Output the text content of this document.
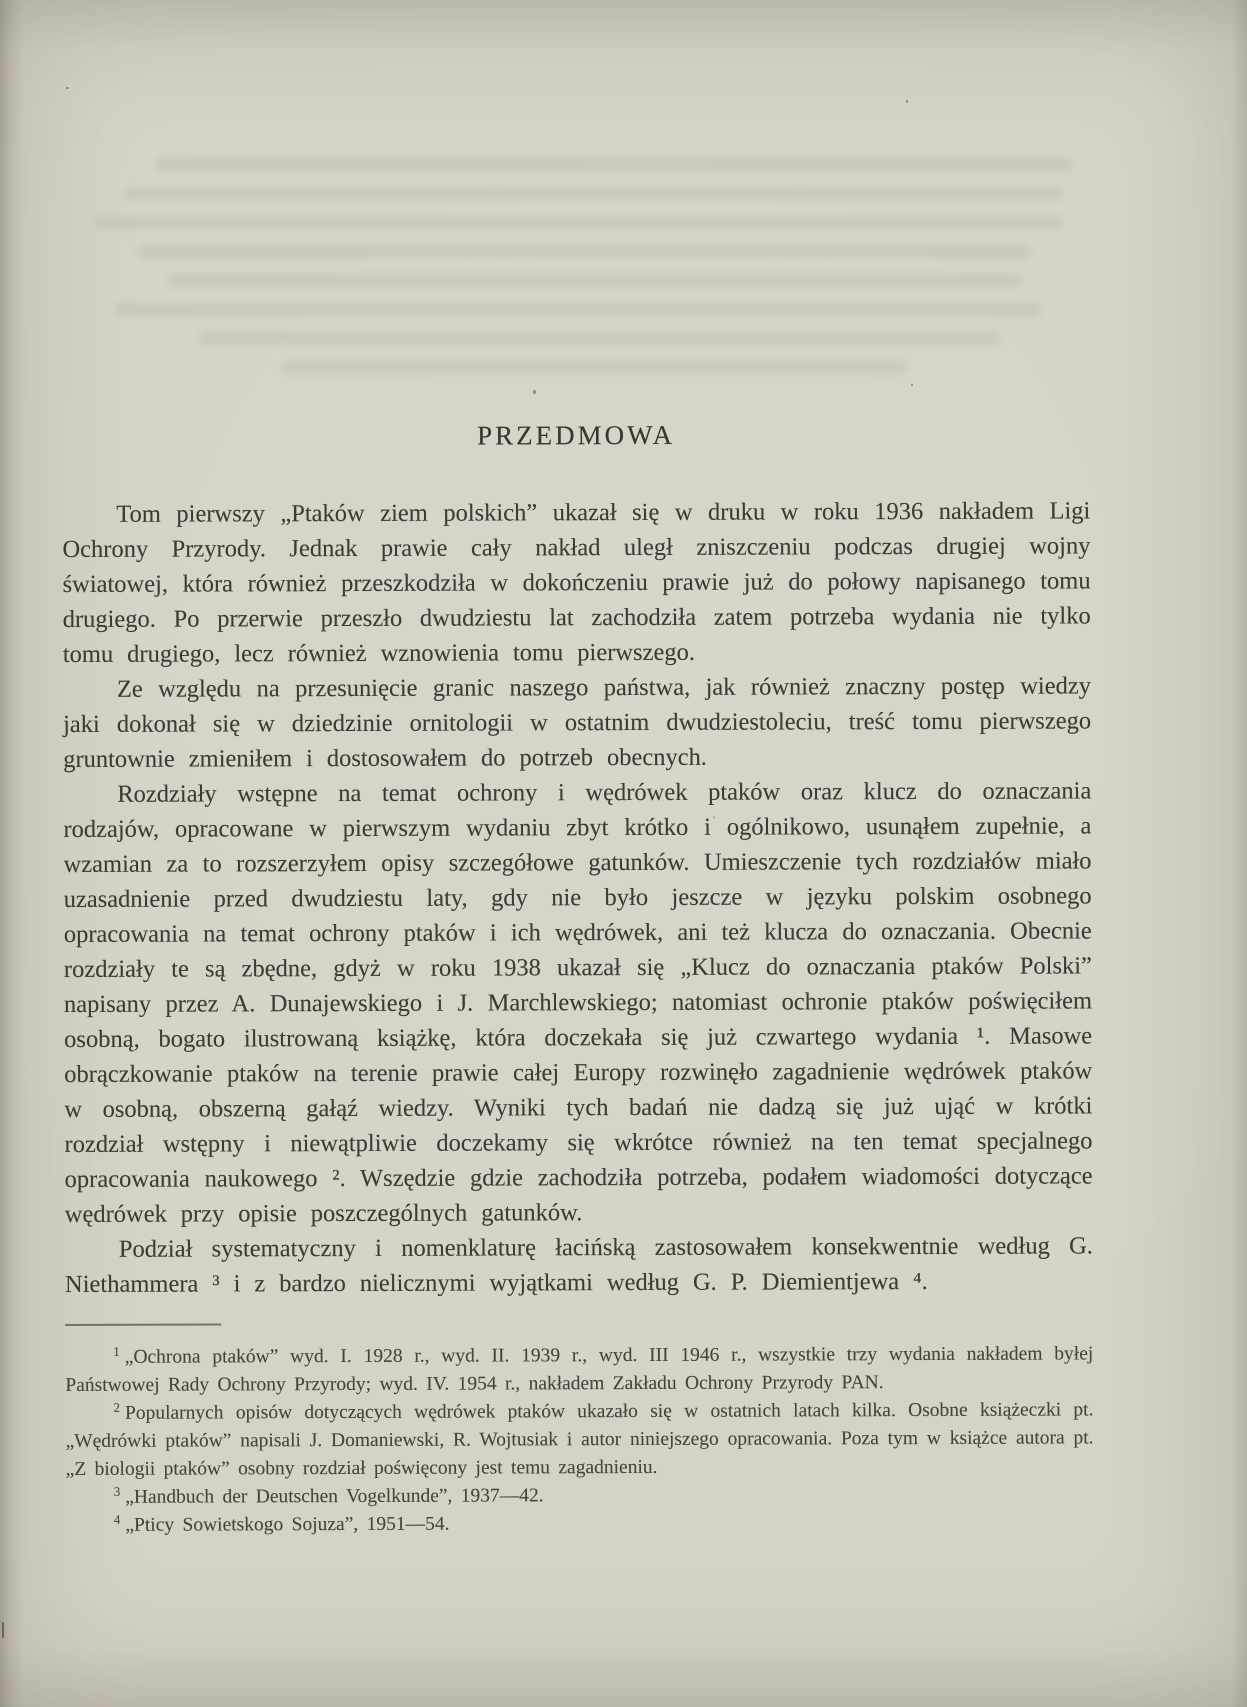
PRZEDMOWA

Tom pierwszy „Ptaków ziem polskich” ukazał się w druku w roku 1936 nakładem Ligi Ochrony Przyrody. Jednak prawie cały nakład uległ zniszczeniu podczas drugiej wojny światowej, która również przeszkodziła w dokończeniu prawie już do połowy napisanego tomu drugiego. Po przerwie przeszło dwudziestu lat zachodziła zatem potrzeba wydania nie tylko tomu drugiego, lecz również wznowienia tomu pierwszego.

Ze względu na przesunięcie granic naszego państwa, jak również znaczny postęp wiedzy jaki dokonał się w dziedzinie ornitologii w ostatnim dwudziestoleciu, treść tomu pierwszego gruntownie zmieniłem i dostosowałem do potrzeb obecnych.

Rozdziały wstępne na temat ochrony i wędrówek ptaków oraz klucz do oznaczania rodzajów, opracowane w pierwszym wydaniu zbyt krótko i ogólnikowo, usunąłem zupełnie, a wzamian za to rozszerzyłem opisy szczegółowe gatunków. Umieszczenie tych rozdziałów miało uzasadnienie przed dwudziestu laty, gdy nie było jeszcze w języku polskim osobnego opracowania na temat ochrony ptaków i ich wędrówek, ani też klucza do oznaczania. Obecnie rozdziały te są zbędne, gdyż w roku 1938 ukazał się „Klucz do oznaczania ptaków Polski” napisany przez A. Dunajewskiego i J. Marchlewskiego; natomiast ochronie ptaków poświęciłem osobną, bogato ilustrowaną książkę, która doczekała się już czwartego wydania ¹. Masowe obrączkowanie ptaków na terenie prawie całej Europy rozwinęło zagadnienie wędrówek ptaków w osobną, obszerną gałąź wiedzy. Wyniki tych badań nie dadzą się już ująć w krótki rozdział wstępny i niewątpliwie doczekamy się wkrótce również na ten temat specjalnego opracowania naukowego ². Wszędzie gdzie zachodziła potrzeba, podałem wiadomości dotyczące wędrówek przy opisie poszczególnych gatunków.

Podział systematyczny i nomenklaturę łacińską zastosowałem konsekwentnie według G. Niethammera ³ i z bardzo nielicznymi wyjątkami według G. P. Diemientjewa ⁴.

$^1$ „Ochrona ptaków” wyd. I. 1928 r., wyd. II. 1939 r., wyd. III 1946 r., wszystkie trzy wydania nakładem byłej Państwowej Rady Ochrony Przyrody; wyd. IV. 1954 r., nakładem Zakładu Ochrony Przyrody PAN.

$^2$ Popularnych opisów dotyczących wędrówek ptaków ukazało się w ostatnich latach kilka. Osobne książeczki pt. „Wędrówki ptaków” napisali J. Domaniewski, R. Wojtusiak i autor niniejszego opracowania. Poza tym w książce autora pt. „Z biologii ptaków” osobny rozdział poświęcony jest temu zagadnieniu.

$^3$ „Handbuch der Deutschen Vogelkunde”, 1937—42.

$^4$ „Pticy Sowietskogo Sojuza”, 1951—54.
